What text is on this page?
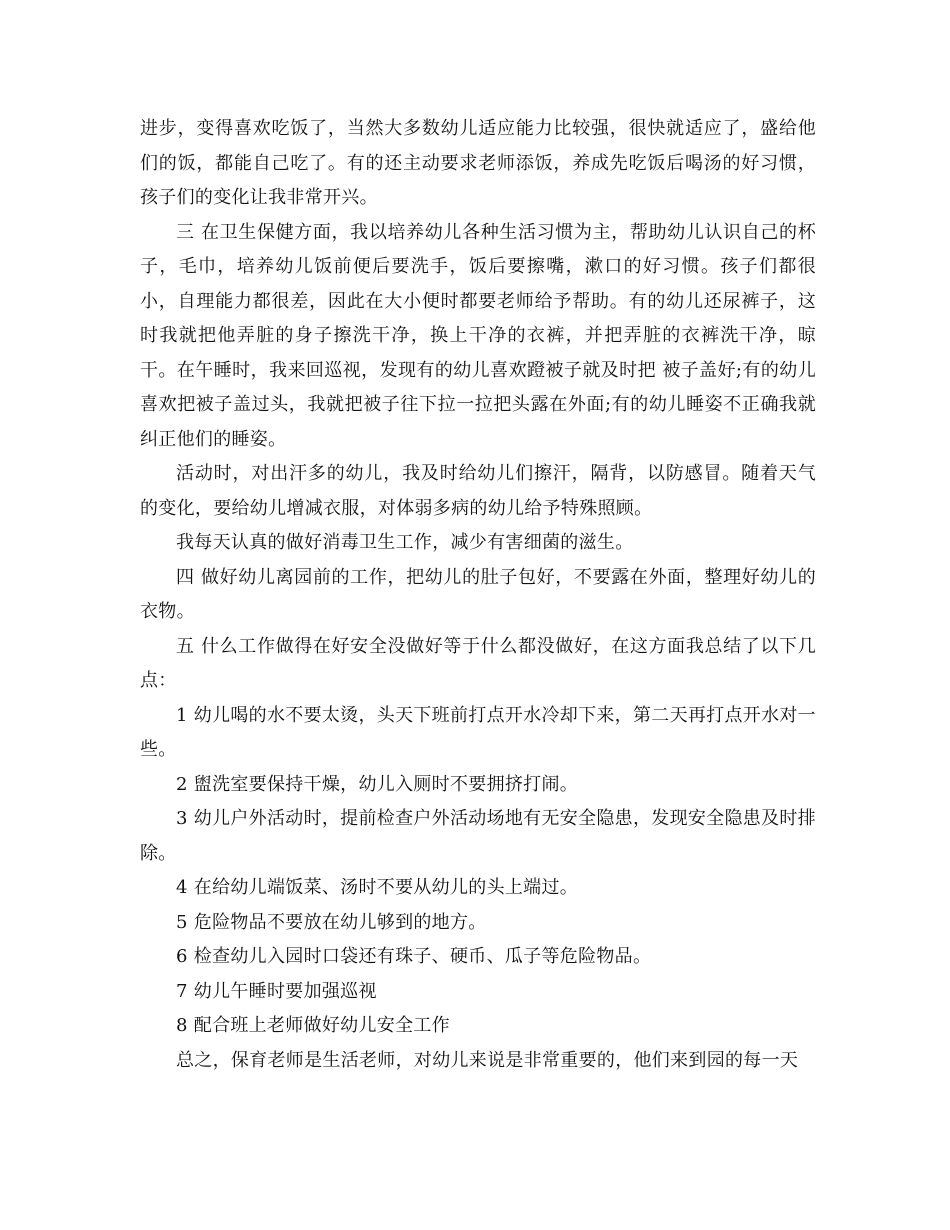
进步，变得喜欢吃饭了，当然大多数幼儿适应能力比较强，很快就适应了，盛给他们的饭，都能自己吃了。有的还主动要求老师添饭，养成先吃饭后喝汤的好习惯，孩子们的变化让我非常开兴。

三 在卫生保健方面，我以培养幼儿各种生活习惯为主，帮助幼儿认识自己的杯子，毛巾，培养幼儿饭前便后要洗手，饭后要擦嘴，漱口的好习惯。孩子们都很小，自理能力都很差，因此在大小便时都要老师给予帮助。有的幼儿还尿裤子，这时我就把他弄脏的身子擦洗干净，换上干净的衣裤，并把弄脏的衣裤洗干净，晾干。在午睡时，我来回巡视，发现有的幼儿喜欢蹬被子就及时把 被子盖好;有的幼儿喜欢把被子盖过头，我就把被子往下拉一拉把头露在外面;有的幼儿睡姿不正确我就纠正他们的睡姿。

活动时，对出汗多的幼儿，我及时给幼儿们擦汗，隔背，以防感冒。随着天气的变化，要给幼儿增减衣服，对体弱多病的幼儿给予特殊照顾。

我每天认真的做好消毒卫生工作，减少有害细菌的滋生。

四 做好幼儿离园前的工作，把幼儿的肚子包好，不要露在外面，整理好幼儿的衣物。

五 什么工作做得在好安全没做好等于什么都没做好，在这方面我总结了以下几点：

1 幼儿喝的水不要太烫，头天下班前打点开水冷却下来，第二天再打点开水对一些。

2 盥洗室要保持干燥，幼儿入厕时不要拥挤打闹。

3 幼儿户外活动时，提前检查户外活动场地有无安全隐患，发现安全隐患及时排除。

4 在给幼儿端饭菜、汤时不要从幼儿的头上端过。

5 危险物品不要放在幼儿够到的地方。

6 检查幼儿入园时口袋还有珠子、硬币、瓜子等危险物品。

7 幼儿午睡时要加强巡视

8 配合班上老师做好幼儿安全工作

总之，保育老师是生活老师，对幼儿来说是非常重要的，他们来到园的每一天
